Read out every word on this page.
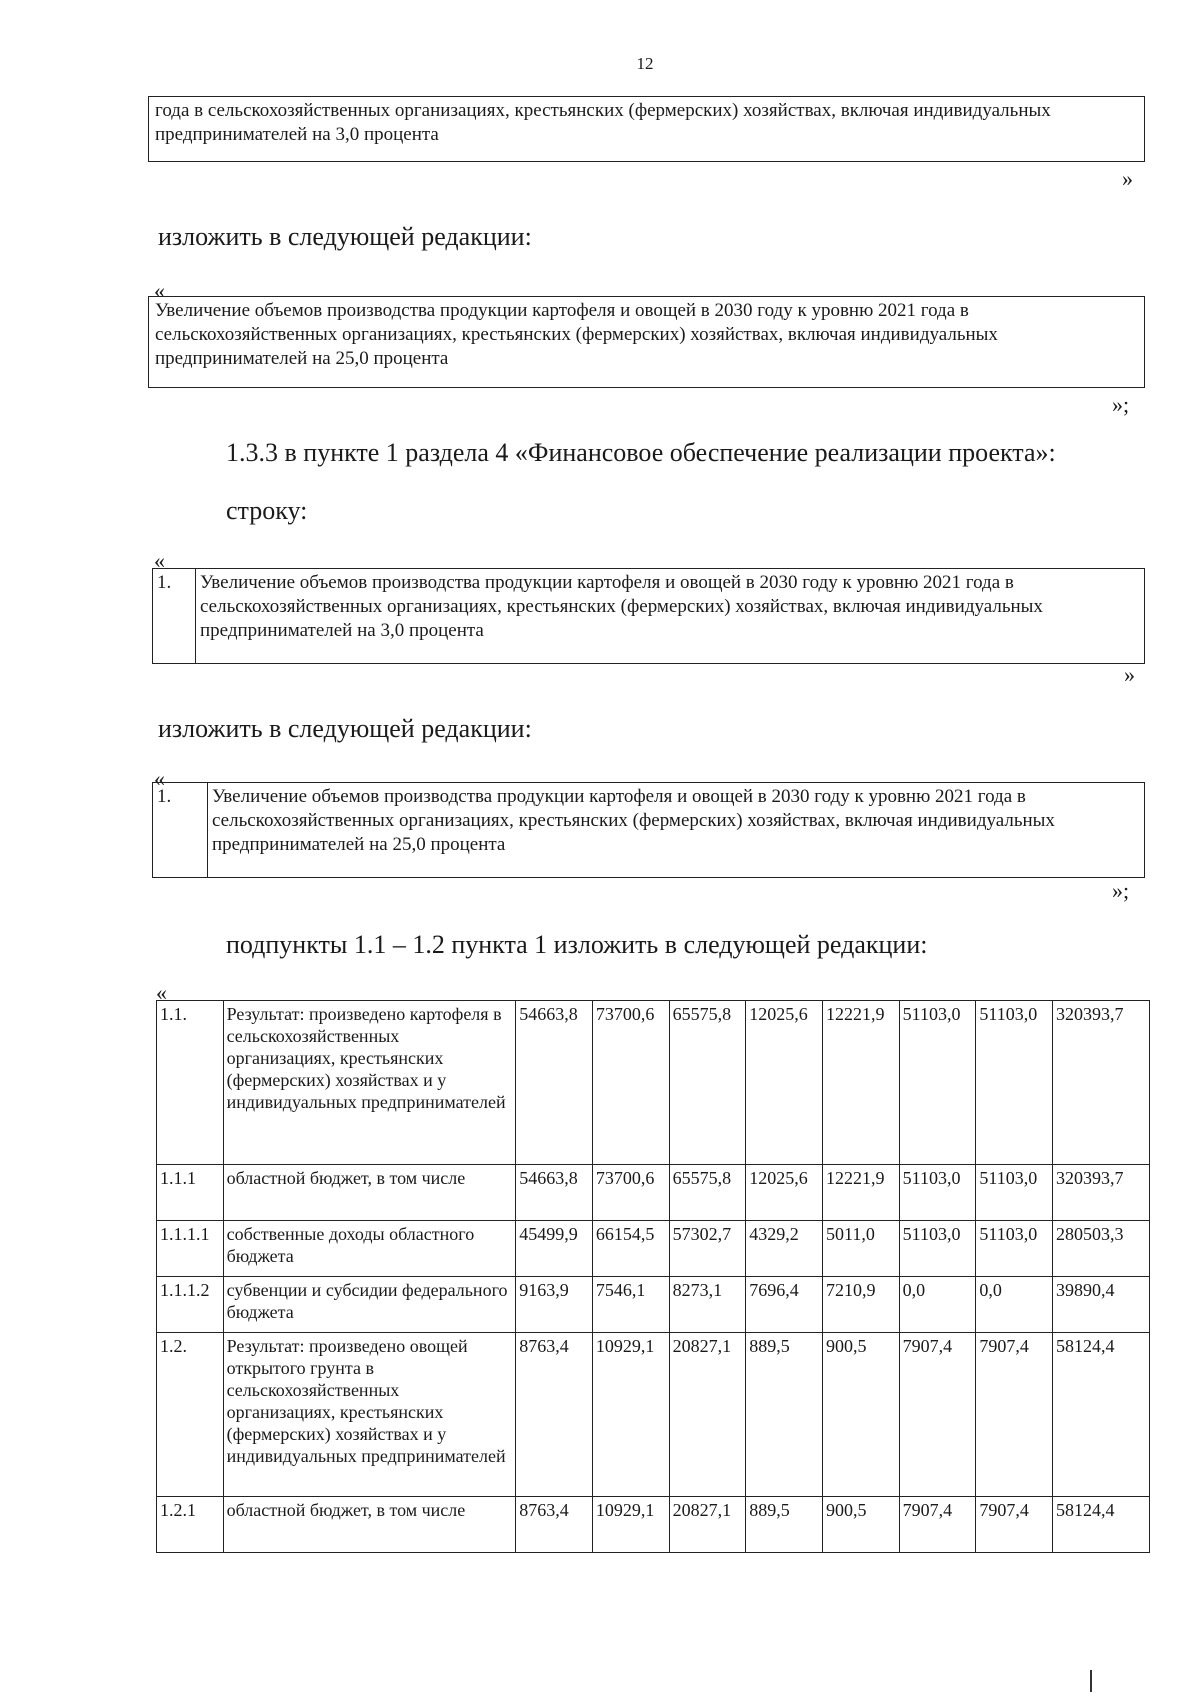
12
года в сельскохозяйственных организациях, крестьянских (фермерских) хозяйствах, включая индивидуальных предпринимателей на 3,0 процента
»
изложить в следующей редакции:
«
Увеличение объемов производства продукции картофеля и овощей в 2030 году к уровню 2021 года в сельскохозяйственных организациях, крестьянских (фермерских) хозяйствах, включая индивидуальных предпринимателей на 25,0 процента
»;
1.3.3 в пункте 1 раздела 4 «Финансовое обеспечение реализации проекта»:
строку:
«
1.	Увеличение объемов производства продукции картофеля и овощей в 2030 году к уровню 2021 года в сельскохозяйственных организациях, крестьянских (фермерских) хозяйствах, включая индивидуальных предпринимателей на 3,0 процента
»
изложить в следующей редакции:
«
1.	Увеличение объемов производства продукции картофеля и овощей в 2030 году к уровню 2021 года в сельскохозяйственных организациях, крестьянских (фермерских) хозяйствах, включая индивидуальных предпринимателей на 25,0 процента
»;
подпункты 1.1 – 1.2 пункта 1 изложить в следующей редакции:
«
1.1.	Результат: произведено картофеля в сельскохозяйственных организациях, крестьянских (фермерских) хозяйствах и у индивидуальных предпринимателей	54663,8	73700,6	65575,8	12025,6	12221,9	51103,0	51103,0	320393,7
1.1.1	областной бюджет, в том числе	54663,8	73700,6	65575,8	12025,6	12221,9	51103,0	51103,0	320393,7
1.1.1.1	собственные доходы областного бюджета	45499,9	66154,5	57302,7	4329,2	5011,0	51103,0	51103,0	280503,3
1.1.1.2	субвенции и субсидии федерального бюджета	9163,9	7546,1	8273,1	7696,4	7210,9	0,0	0,0	39890,4
1.2.	Результат: произведено овощей открытого грунта в сельскохозяйственных организациях, крестьянских (фермерских) хозяйствах и у индивидуальных предпринимателей	8763,4	10929,1	20827,1	889,5	900,5	7907,4	7907,4	58124,4
1.2.1	областной бюджет, в том числе	8763,4	10929,1	20827,1	889,5	900,5	7907,4	7907,4	58124,4
